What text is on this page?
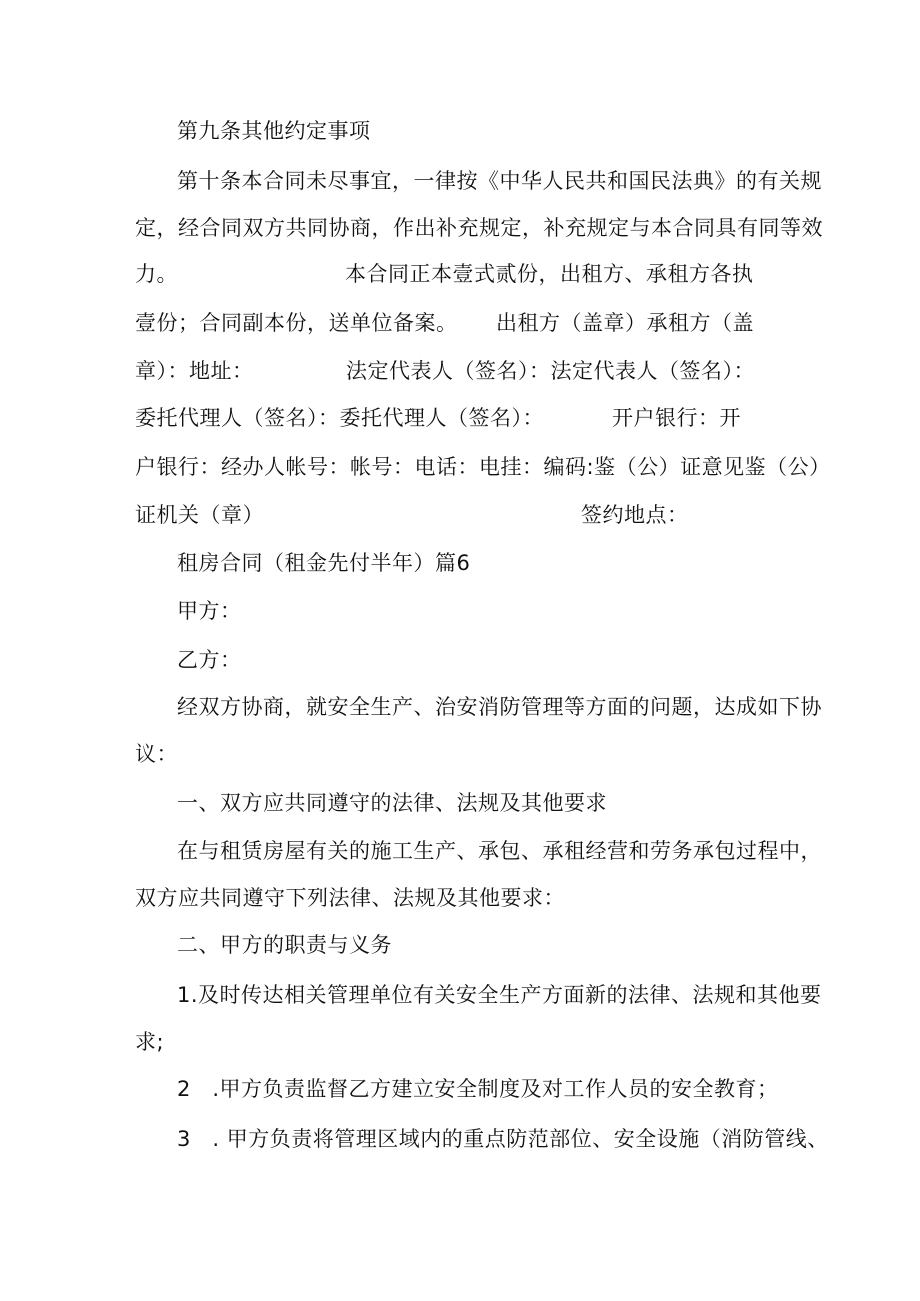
第九条其他约定事项
第十条本合同未尽事宜，一律按《中华人民共和国民法典》的有关规
定，经合同双方共同协商，作出补充规定，补充规定与本合同具有同等效

力。

	本合同正本壹式贰份，出租方、承租方各执

壹份；合同副本份，送单位备案。

出租方（盖章）承租方（盖

章）：地址：

	法定代表人（签名）：法定代表人（签名）：

委托代理人（签名）：委托代理人（签名）：

	开户银行：开

户银行：经办人帐号：帐号：电话：电挂：编码:鉴（公）证意见鉴（公）

证机关（章）

	签约地点：

租房合同（租金先付半年）篇6
甲方：
乙方：
经双方协商，就安全生产、治安消防管理等方面的问题，达成如下协
议：
一、双方应共同遵守的法律、法规及其他要求
在与租赁房屋有关的施工生产、承包、承租经营和劳务承包过程中，
双方应共同遵守下列法律、法规及其他要求：
二、甲方的职责与义务
1.及时传达相关管理单位有关安全生产方面新的法律、法规和其他要
求;
2　.甲方负责监督乙方建立安全制度及对工作人员的安全教育；
3　. 甲方负责将管理区域内的重点防范部位、安全设施（消防管线、
